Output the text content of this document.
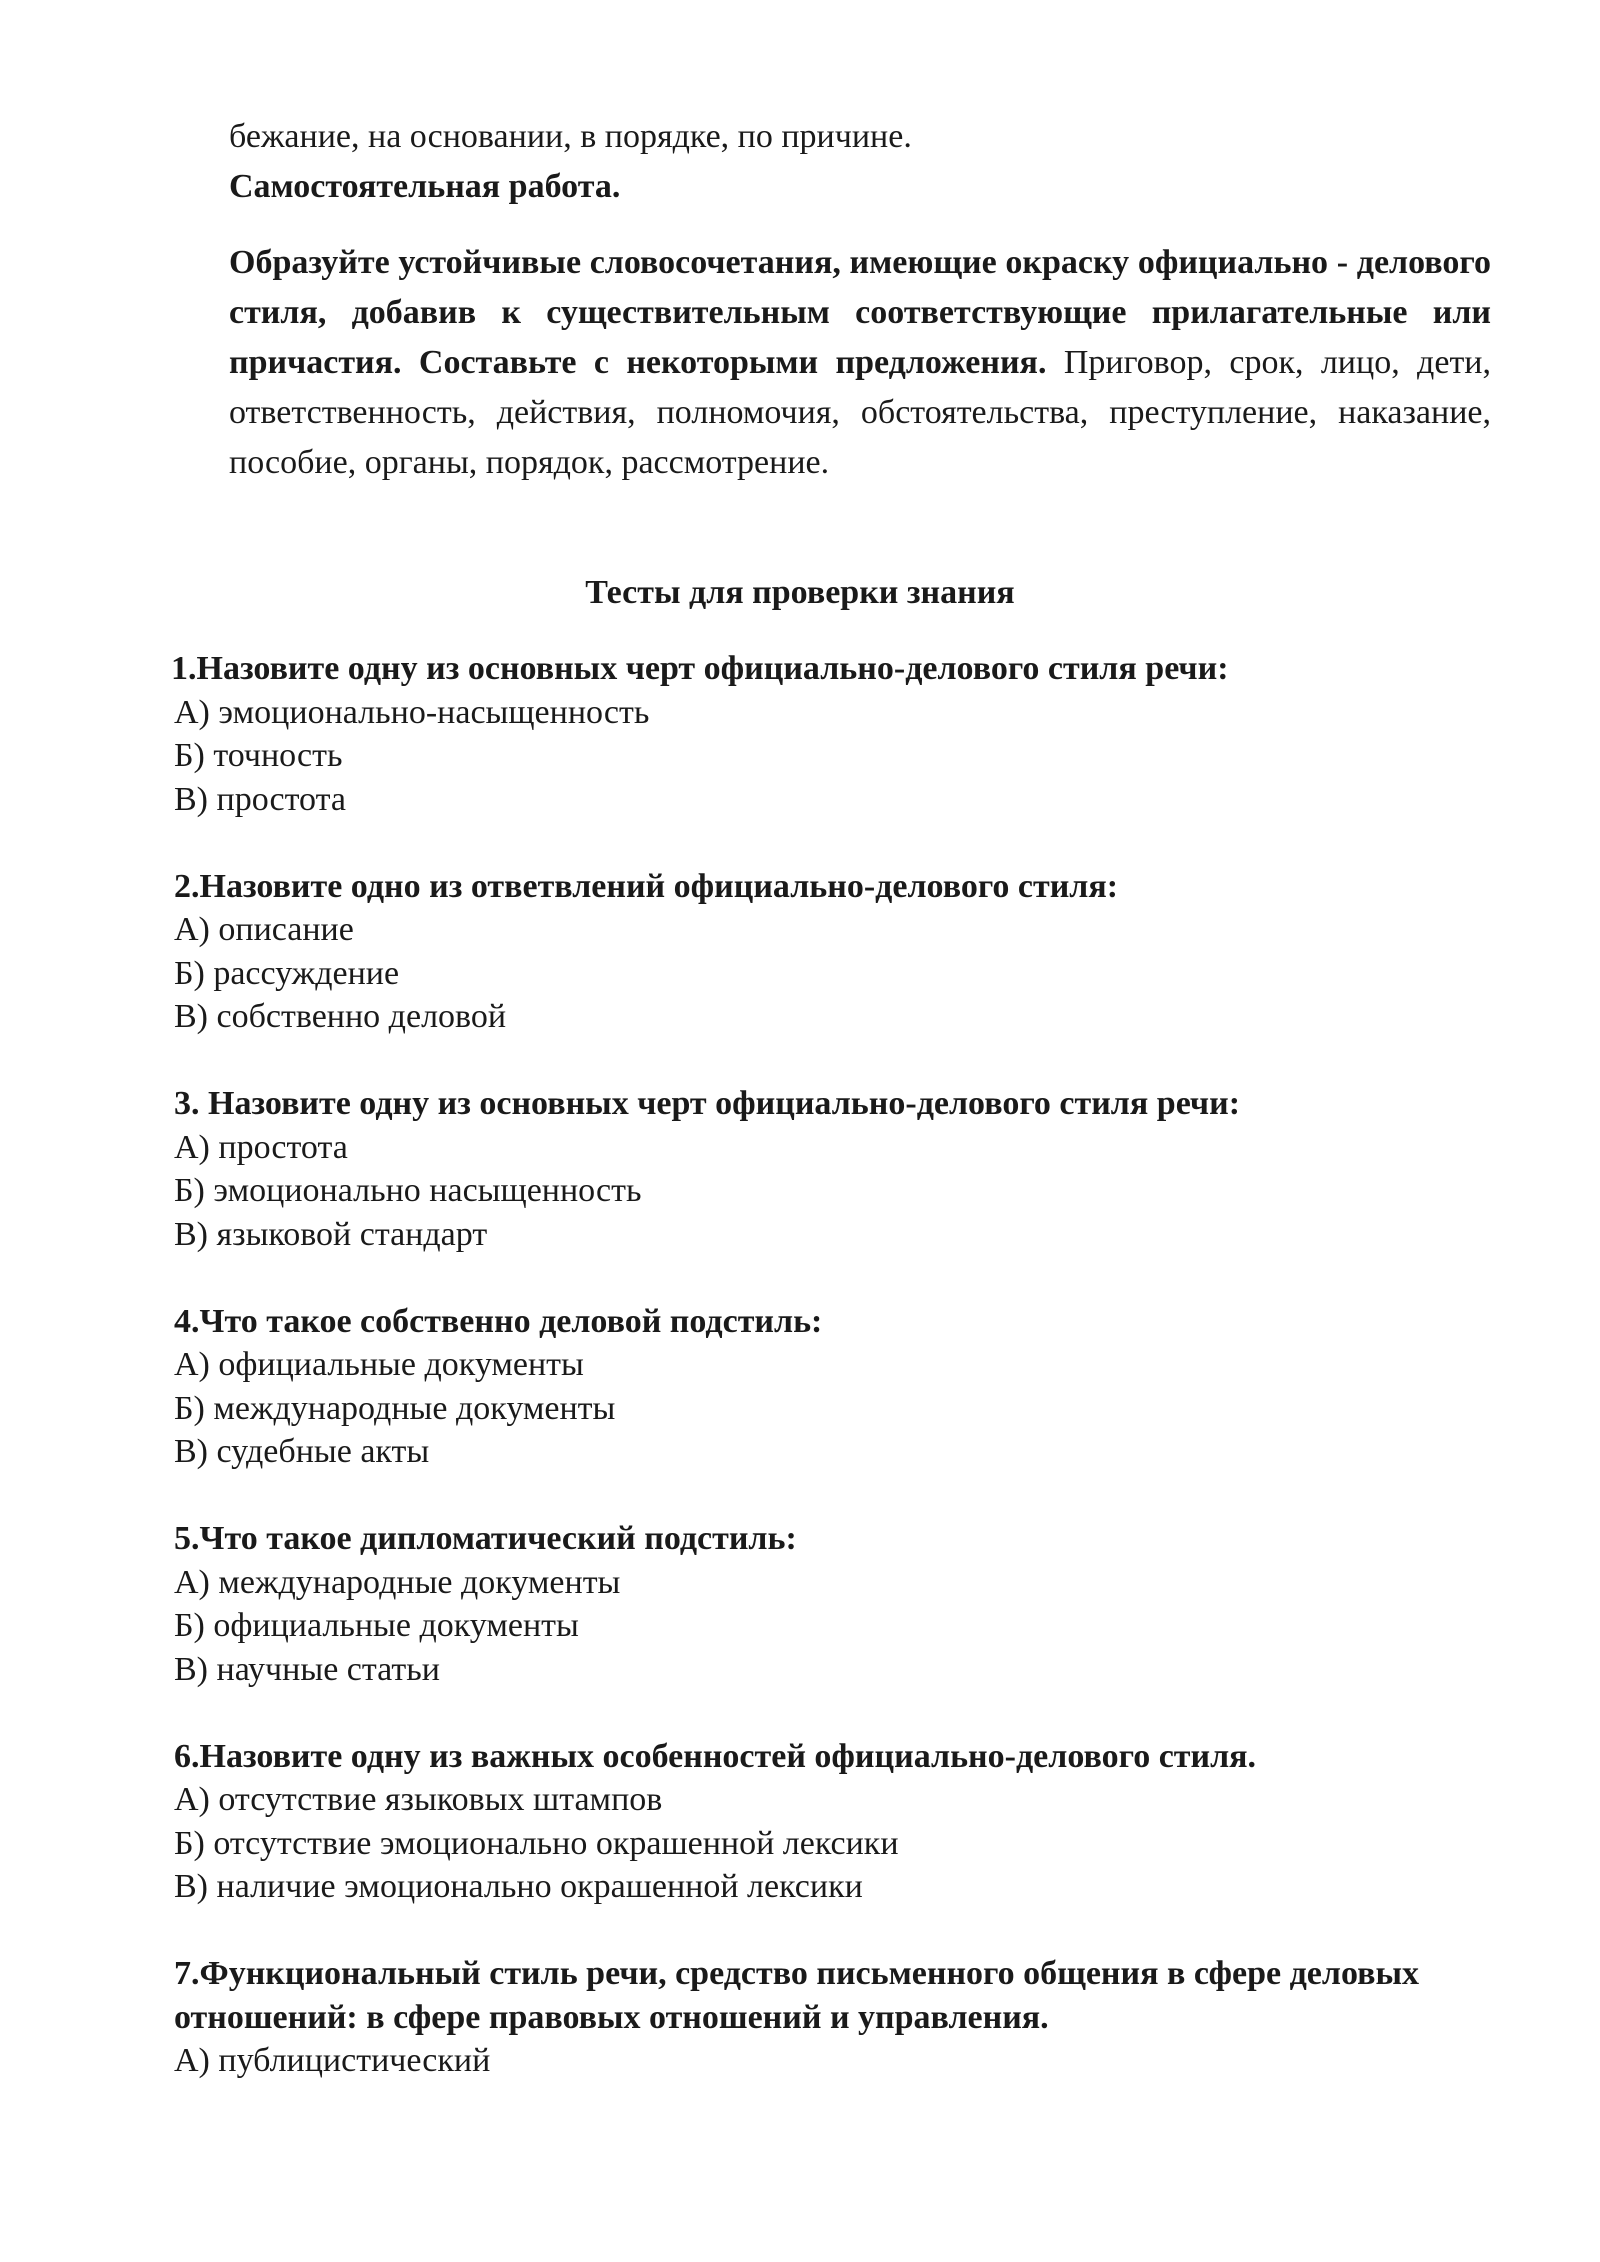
бежание, на основании, в порядке, по причине.

Самостоятельная работа.

Образуйте устойчивые словосочетания, имеющие окраску официально - делового стиля, добавив к существительным соответствующие прилагательные или причастия. Составьте с некоторыми предложения. Приговор, срок, лицо, дети, ответственность, действия, полномочия, обстоятельства, преступление, наказание, пособие, органы, порядок, рассмотрение.

Тесты для проверки знания

1.Назовите одну из основных черт официально-делового стиля речи:

А) эмоционально-насыщенность

Б) точность

В) простота

2.Назовите одно из ответвлений официально-делового стиля:

А) описание

Б) рассуждение

В) собственно деловой

3. Назовите одну из основных черт официально-делового стиля речи:

А) простота

Б) эмоционально насыщенность

В) языковой стандарт

4.Что такое собственно деловой подстиль:

А) официальные документы

Б) международные документы

В) судебные акты

5.Что такое дипломатический подстиль:

А) международные документы

Б) официальные документы

В) научные статьи

6.Назовите одну из важных особенностей официально-делового стиля.

А) отсутствие языковых штампов

Б) отсутствие эмоционально окрашенной лексики

В) наличие эмоционально окрашенной лексики

7.Функциональный стиль речи, средство письменного общения в сфере деловых отношений: в сфере правовых отношений и управления.

А) публицистический
